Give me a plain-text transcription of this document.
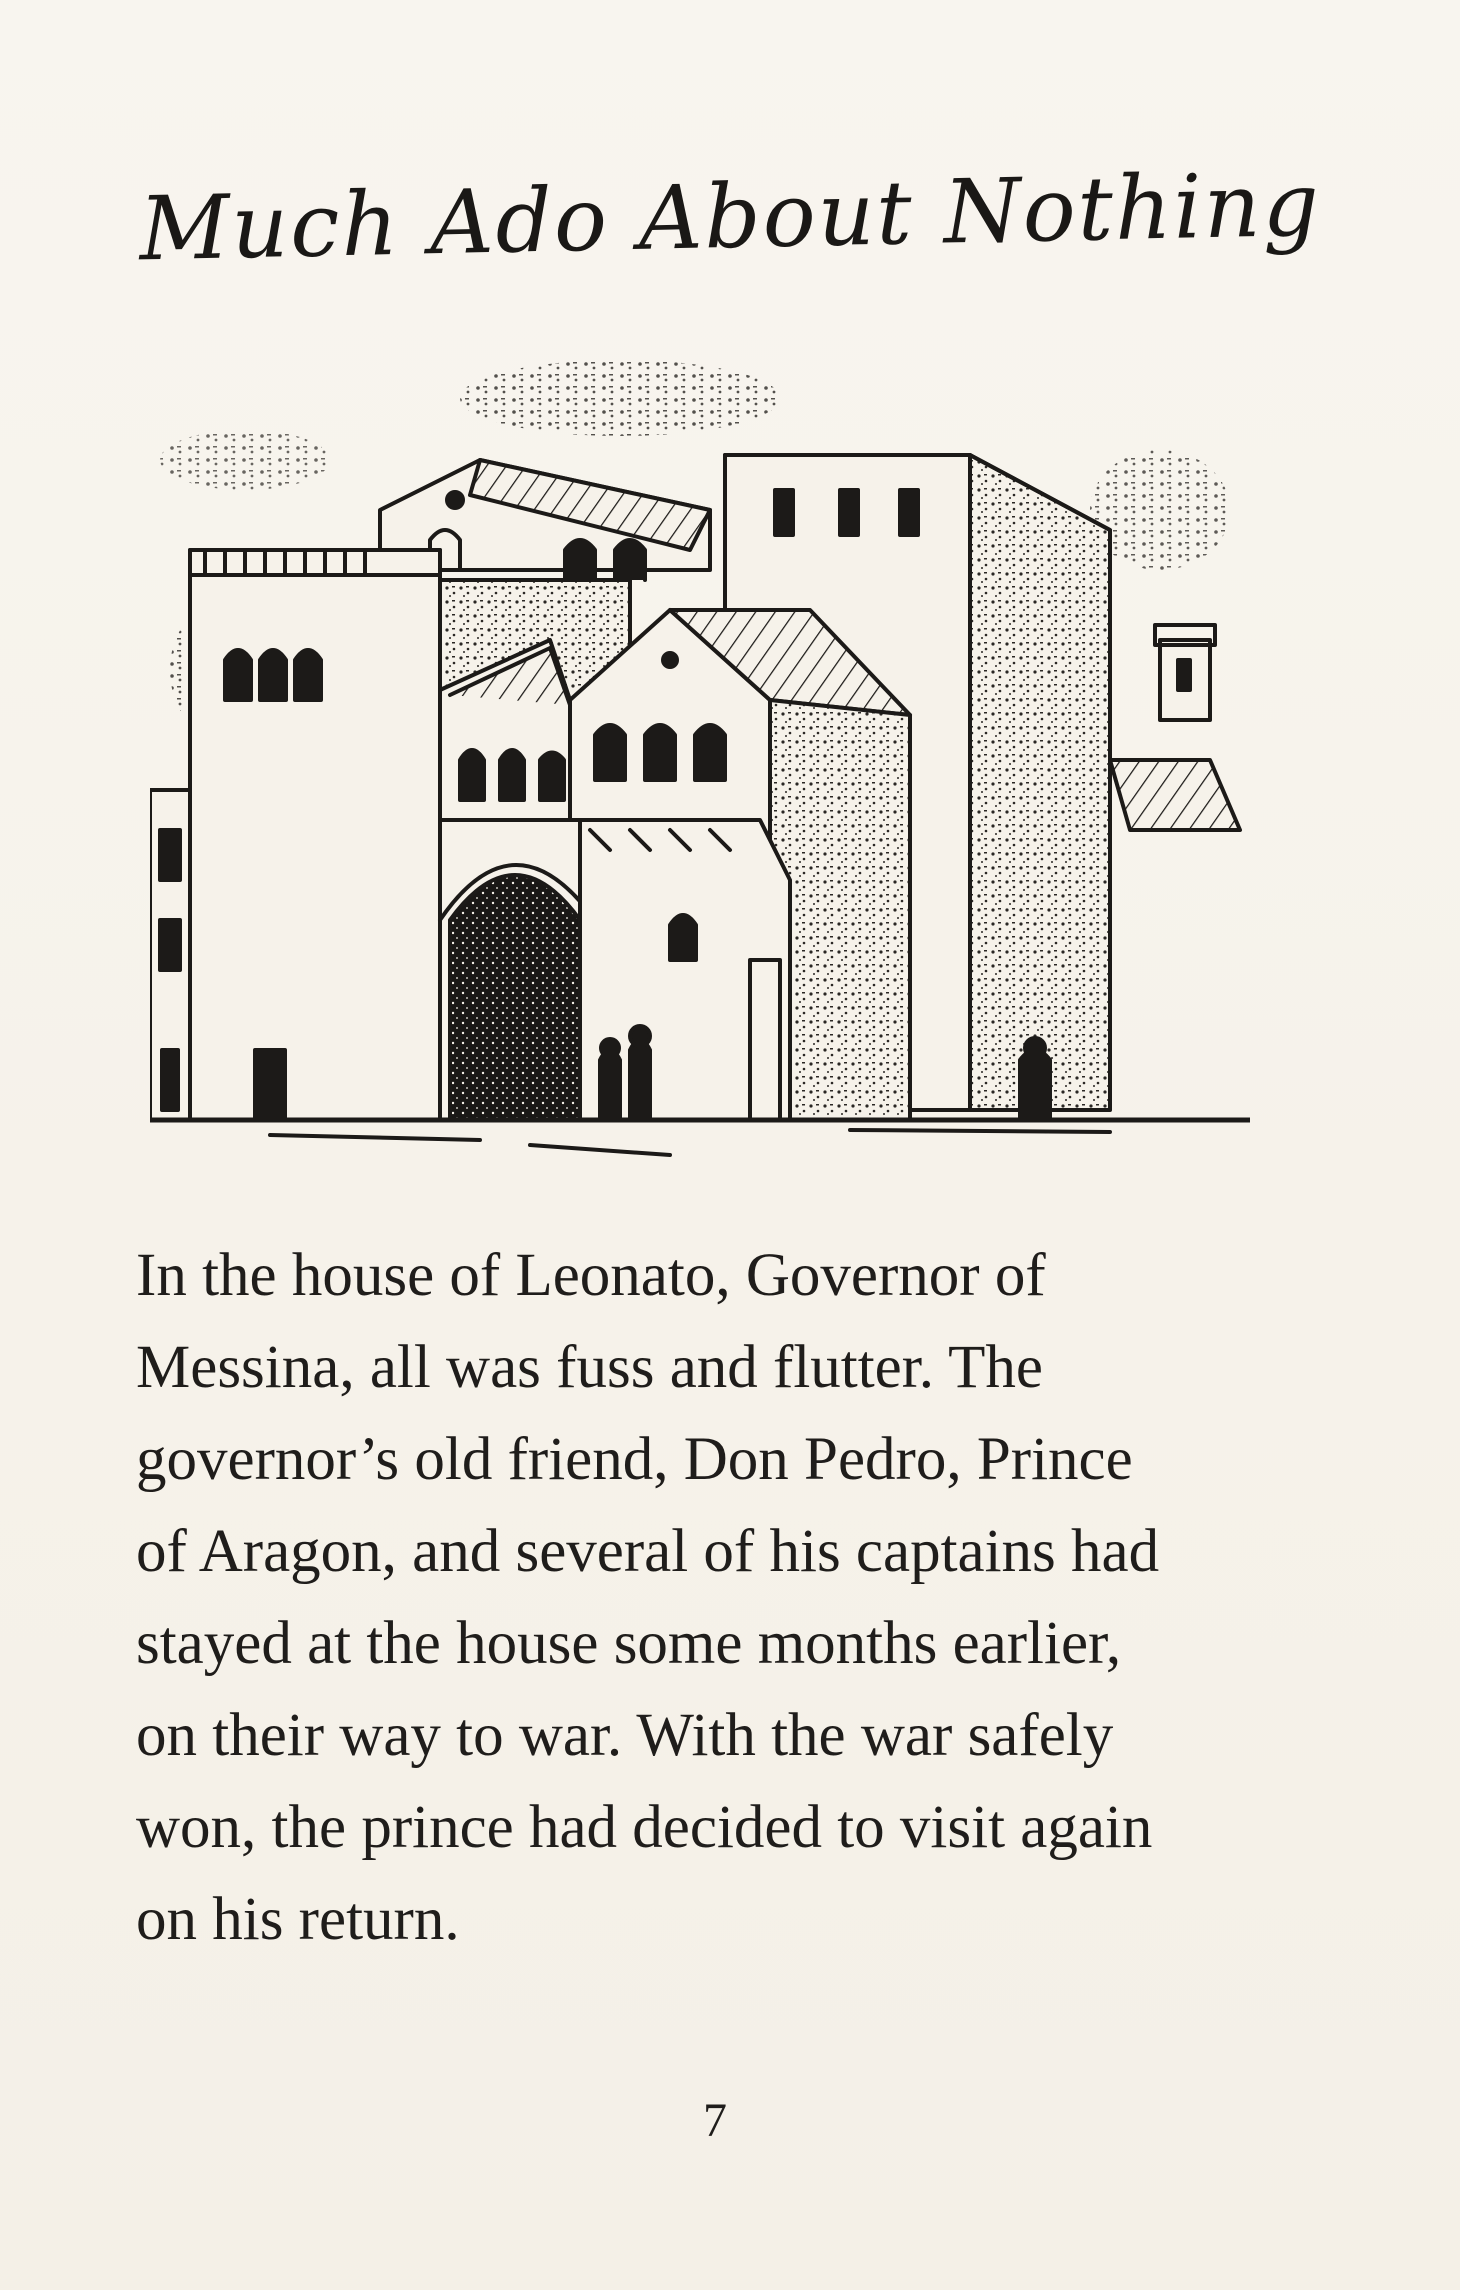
Much Ado About Nothing

In the house of Leonato, Governor of
Messina, all was fuss and flutter. The
governor’s old friend, Don Pedro, Prince
of Aragon, and several of his captains had
stayed at the house some months earlier,
on their way to war. With the war safely
won, the prince had decided to visit again
on his return.

7
